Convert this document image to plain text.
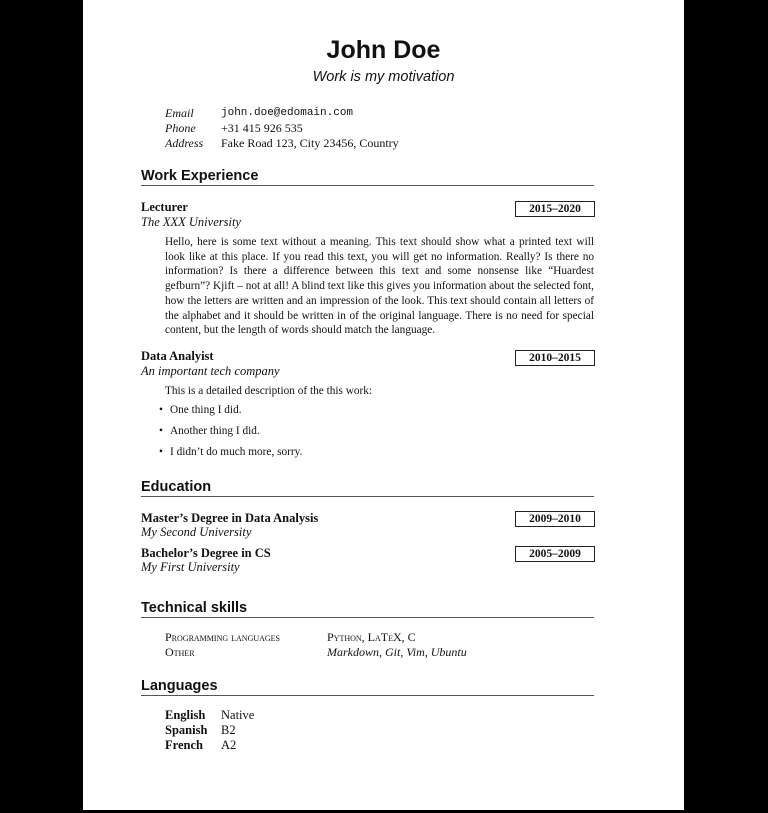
John Doe
Work is my motivation
Email	john.doe@edomain.com
Phone	+31 415 926 535
Address	Fake Road 123, City 23456, Country
Work Experience
Lecturer	2015–2020
The XXX University
Hello, here is some text without a meaning. This text should show what a printed text will look like at this place. If you read this text, you will get no information. Really? Is there no information? Is there a difference between this text and some nonsense like “Huardest gefburn”? Kjift – not at all! A blind text like this gives you information about the selected font, how the letters are written and an impression of the look. This text should contain all letters of the alphabet and it should be written in of the original language. There is no need for special content, but the length of words should match the language.
Data Analyist	2010–2015
An important tech company
This is a detailed description of the this work:
• One thing I did.
• Another thing I did.
• I didn’t do much more, sorry.
Education
Master’s Degree in Data Analysis	2009–2010
My Second University
Bachelor’s Degree in CS	2005–2009
My First University
Technical skills
Programming languages	Python, LaTeX, C
Other	Markdown, Git, Vim, Ubuntu
Languages
English	Native
Spanish	B2
French	A2
